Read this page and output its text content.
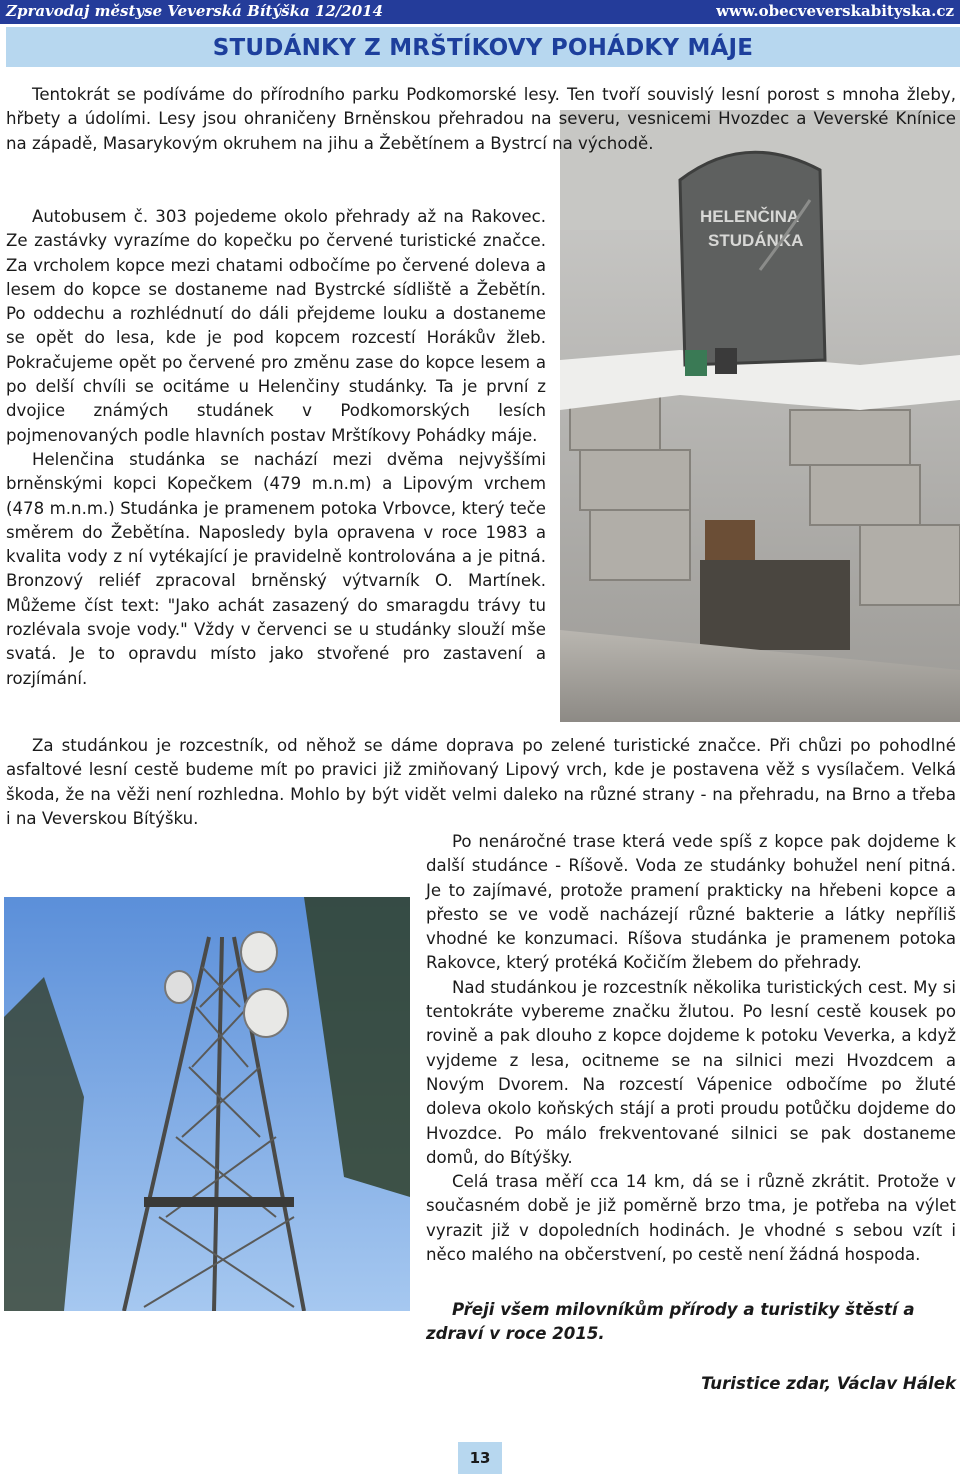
Zpravodaj městyse Veverská Bítýška 12/2014	www.obecveverskabityska.cz
STUDÁNKY Z MRŠTÍKOVY POHÁDKY MÁJE
HELENČINA
STUDÁNKA

Tentokrát se podíváme do přírodního parku Podkomorské lesy. Ten tvoří souvislý lesní porost s mnoha žleby, hřbety a údolími. Lesy jsou ohraničeny Brněnskou přehradou na severu, vesnicemi Hvozdec a Veverské Knínice na západě, Masarykovým okruhem na jihu a Žebětínem a Bystrcí na východě.

Autobusem č. 303 pojedeme okolo přehrady až na Rakovec. Ze zastávky vyrazíme do kopečku po červené turistické značce. Za vrcholem kopce mezi chatami odbočíme po červené doleva a lesem do kopce se dostaneme nad Bystrcké sídliště a Žebětín. Po oddechu a rozhlédnutí do dáli přejdeme louku a dostaneme se opět do lesa, kde je pod kopcem rozcestí Horákův žleb. Pokračujeme opět po červené pro změnu zase do kopce lesem a po delší chvíli se ocitáme u Helenčiny studánky. Ta je první z dvojice známých studánek v Podkomorských lesích pojmenovaných podle hlavních postav Mrštíkovy Pohádky máje.

Helenčina studánka se nachází mezi dvěma nejvyššími brněnskými kopci Kopečkem (479 m.n.m) a Lipovým vrchem (478 m.n.m.) Studánka je pramenem potoka Vrbovce, který teče směrem do Žebětína. Naposledy byla opravena v roce 1983 a kvalita vody z ní vytékající je pravidelně kontrolována a je pitná. Bronzový reliéf zpracoval brněnský výtvarník O. Martínek. Můžeme číst text: "Jako achát zasazený do smaragdu trávy tu rozlévala svoje vody." Vždy v červenci se u studánky slouží mše svatá. Je to opravdu místo jako stvořené pro zastavení a rozjímání.

Za studánkou je rozcestník, od něhož se dáme doprava po zelené turistické značce. Při chůzi po pohodlné asfaltové lesní cestě budeme mít po pravici již zmiňovaný Lipový vrch, kde je postavena věž s vysílačem. Velká škoda, že na věži není rozhledna. Mohlo by být vidět velmi daleko na různé strany - na přehradu, na Brno a třeba i na Veverskou Bítýšku.

Po nenáročné trase která vede spíš z kopce pak dojdeme k další studánce - Ríšově. Voda ze studánky bohužel není pitná. Je to zajímavé, protože pramení prakticky na hřebeni kopce a přesto se ve vodě nacházejí různé bakterie a látky nepříliš vhodné ke konzumaci. Ríšova studánka je pramenem potoka Rakovce, který protéká Kočičím žlebem do přehrady.

Nad studánkou je rozcestník několika turistických cest. My si tentokráte vybereme značku žlutou. Po lesní cestě kousek po rovině a pak dlouho z kopce dojdeme k potoku Veverka, a když vyjdeme z lesa, ocitneme se na silnici mezi Hvozdcem a Novým Dvorem. Na rozcestí Vápenice odbočíme po žluté doleva okolo koňských stájí a proti proudu potůčku dojdeme do Hvozdce. Po málo frekventované silnici se pak dostaneme domů, do Bítýšky.

Celá trasa měří cca 14 km, dá se i různě zkrátit. Protože v současném době je již poměrně brzo tma, je potřeba na výlet vyrazit již v dopoledních hodinách. Je vhodné s sebou vzít i něco malého na občerstvení, po cestě není žádná hospoda.

Přeji všem milovníkům přírody a turistiky štěstí a zdraví v roce 2015.
Turistice zdar, Václav Hálek
13
